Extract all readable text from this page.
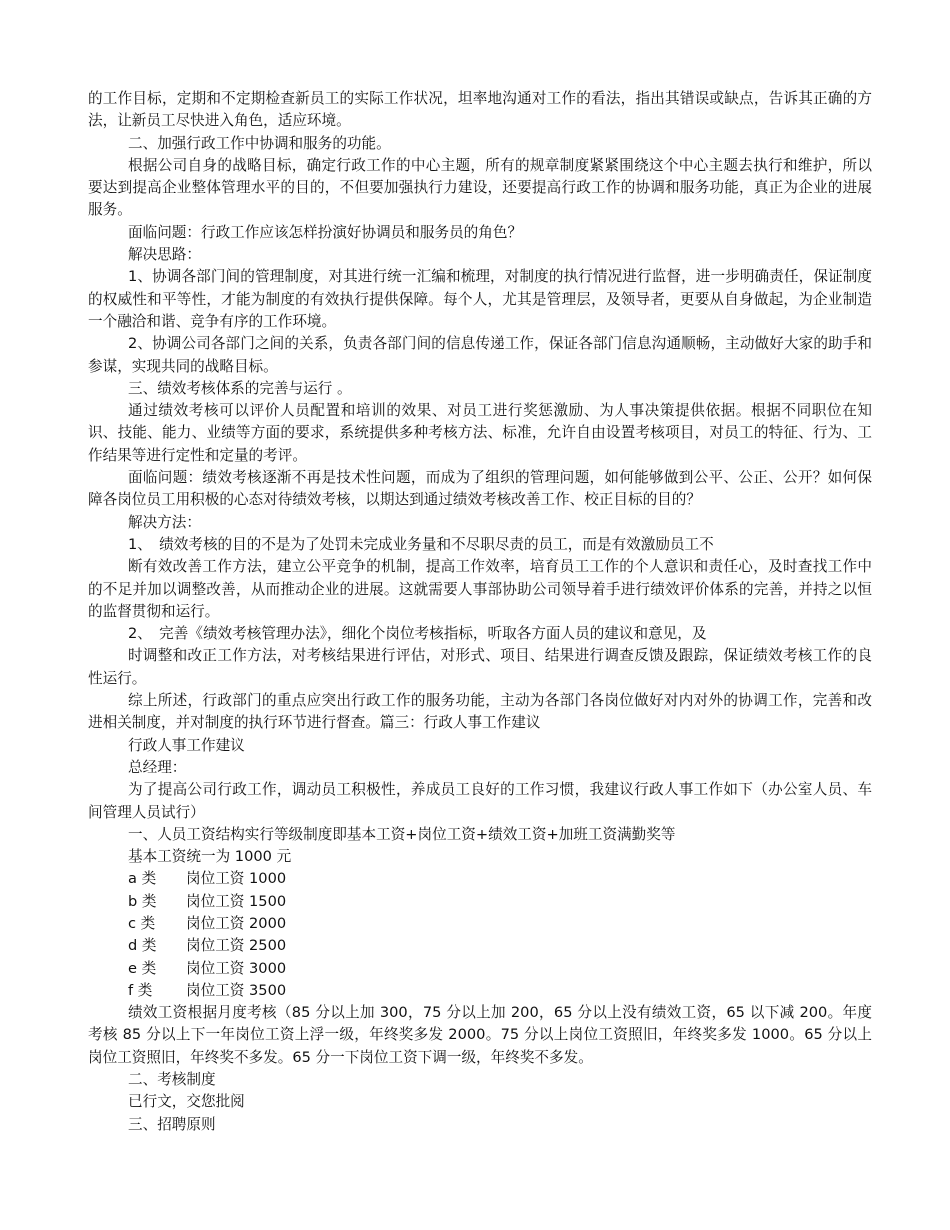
的工作目标，定期和不定期检查新员工的实际工作状况，坦率地沟通对工作的看法，指出其错误或缺点，告诉其正确的方法，让新员工尽快进入角色，适应环境。

二、加强行政工作中协调和服务的功能。

根据公司自身的战略目标，确定行政工作的中心主题，所有的规章制度紧紧围绕这个中心主题去执行和维护，所以要达到提高企业整体管理水平的目的，不但要加强执行力建设，还要提高行政工作的协调和服务功能，真正为企业的进展服务。

面临问题：行政工作应该怎样扮演好协调员和服务员的角色？

解决思路：

1、协调各部门间的管理制度，对其进行统一汇编和梳理，对制度的执行情况进行监督，进一步明确责任，保证制度的权威性和平等性，才能为制度的有效执行提供保障。每个人，尤其是管理层，及领导者，更要从自身做起，为企业制造一个融洽和谐、竞争有序的工作环境。

2、协调公司各部门之间的关系，负责各部门间的信息传递工作，保证各部门信息沟通顺畅，主动做好大家的助手和参谋，实现共同的战略目标。

三、绩效考核体系的完善与运行 。

通过绩效考核可以评价人员配置和培训的效果、对员工进行奖惩激励、为人事决策提供依据。根据不同职位在知识、技能、能力、业绩等方面的要求，系统提供多种考核方法、标准，允许自由设置考核项目，对员工的特征、行为、工作结果等进行定性和定量的考评。

面临问题：绩效考核逐渐不再是技术性问题，而成为了组织的管理问题，如何能够做到公平、公正、公开？如何保障各岗位员工用积极的心态对待绩效考核，以期达到通过绩效考核改善工作、校正目标的目的？

解决方法：

1、　绩效考核的目的不是为了处罚未完成业务量和不尽职尽责的员工，而是有效激励员工不

断有效改善工作方法，建立公平竞争的机制，提高工作效率，培育员工工作的个人意识和责任心，及时查找工作中的不足并加以调整改善，从而推动企业的进展。这就需要人事部协助公司领导着手进行绩效评价体系的完善，并持之以恒的监督贯彻和运行。

2、　完善《绩效考核管理办法》，细化个岗位考核指标，听取各方面人员的建议和意见，及

时调整和改正工作方法，对考核结果进行评估，对形式、项目、结果进行调查反馈及跟踪，保证绩效考核工作的良性运行。

综上所述，行政部门的重点应突出行政工作的服务功能，主动为各部门各岗位做好对内对外的协调工作，完善和改进相关制度，并对制度的执行环节进行督查。篇三：行政人事工作建议

行政人事工作建议

总经理：

为了提高公司行政工作，调动员工积极性，养成员工良好的工作习惯，我建议行政人事工作如下（办公室人员、车间管理人员试行）

一、人员工资结构实行等级制度即基本工资+岗位工资+绩效工资+加班工资满勤奖等

基本工资统一为 1000 元

a 类	岗位工资 1000
b 类	岗位工资 1500
c 类	岗位工资 2000
d 类	岗位工资 2500
e 类	岗位工资 3000
f 类	岗位工资 3500

绩效工资根据月度考核（85 分以上加 300，75 分以上加 200，65 分以上没有绩效工资，65 以下减 200。年度考核 85 分以上下一年岗位工资上浮一级，年终奖多发 2000。75 分以上岗位工资照旧，年终奖多发 1000。65 分以上岗位工资照旧，年终奖不多发。65 分一下岗位工资下调一级，年终奖不多发。

二、考核制度

已行文，交您批阅

三、招聘原则
